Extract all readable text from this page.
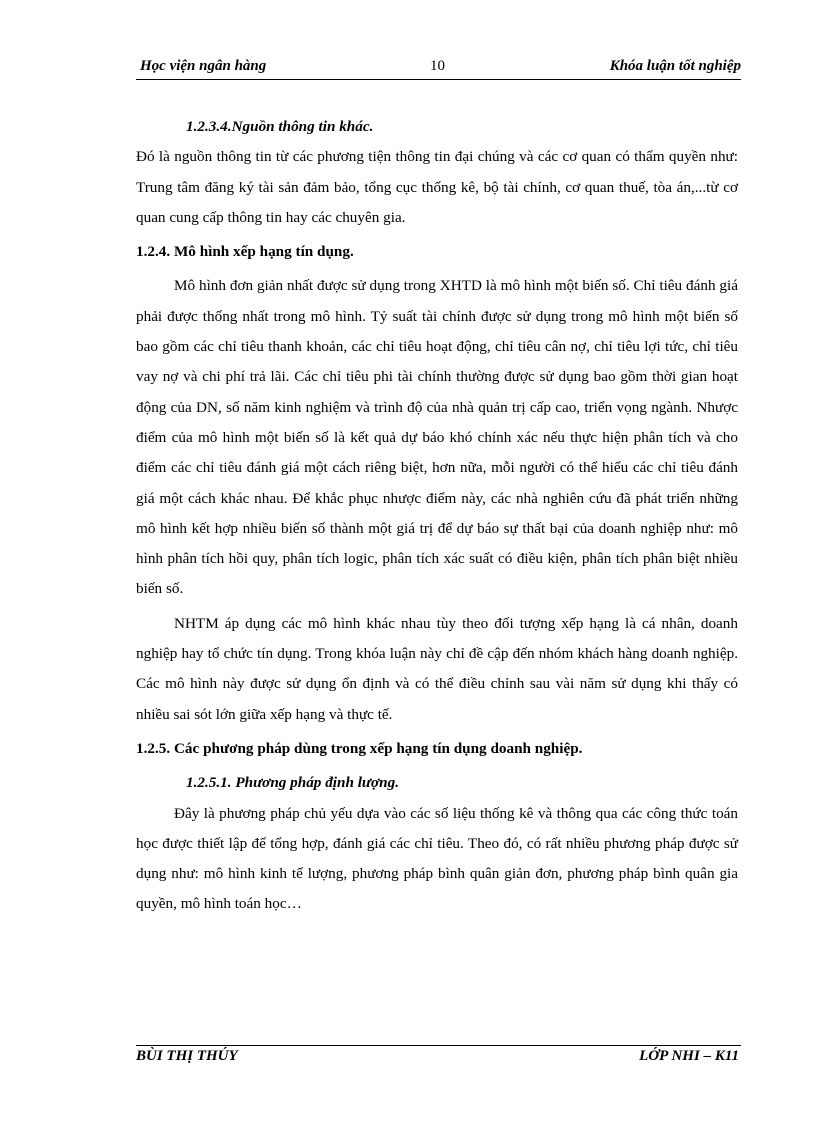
Học viện ngân hàng	10	Khóa luận tốt nghiệp

1.2.3.4.Nguồn thông tin khác.

Đó là nguồn thông tin từ các phương tiện thông tin đại chúng và các cơ quan có thẩm quyền như: Trung tâm đăng ký tài sản đảm bảo, tổng cục thống kê, bộ tài chính, cơ quan thuế, tòa án,...từ cơ quan cung cấp thông tin hay các chuyên gia.

1.2.4. Mô hình xếp hạng tín dụng.

Mô hình đơn giản nhất được sử dụng trong XHTD là mô hình một biến số. Chỉ tiêu đánh giá phải được thống nhất trong mô hình. Tỷ suất tài chính được sử dụng trong mô hình một biến số bao gồm các chỉ tiêu thanh khoản, các chỉ tiêu hoạt động, chỉ tiêu cân nợ, chỉ tiêu lợi tức, chỉ tiêu vay nợ và chi phí trả lãi. Các chỉ tiêu phi tài chính thường được sử dụng bao gồm thời gian hoạt động của DN, số năm kinh nghiệm và trình độ của nhà quản trị cấp cao, triển vọng ngành. Nhược điểm của mô hình một biến số là kết quả dự báo khó chính xác nếu thực hiện phân tích và cho điểm các chỉ tiêu đánh giá một cách riêng biệt, hơn nữa, mỗi người có thể hiểu các chỉ tiêu đánh giá một cách khác nhau. Để khắc phục nhược điểm này, các nhà nghiên cứu đã phát triển những mô hình kết hợp nhiều biến số thành một giá trị để dự báo sự thất bại của doanh nghiệp như: mô hình phân tích hồi quy, phân tích logic, phân tích xác suất có điều kiện, phân tích phân biệt nhiều biến số.

NHTM áp dụng các mô hình khác nhau tùy theo đối tượng xếp hạng là cá nhân, doanh nghiệp hay tổ chức tín dụng. Trong khóa luận này chỉ đề cập đến nhóm khách hàng doanh nghiệp. Các mô hình này được sử dụng ổn định và có thể điều chỉnh sau vài năm sử dụng khi thấy có nhiều sai sót lớn giữa xếp hạng và thực tế.

1.2.5. Các phương pháp dùng trong xếp hạng tín dụng doanh nghiệp.

1.2.5.1. Phương pháp định lượng.

Đây là phương pháp chủ yếu dựa vào các số liệu thống kê và thông qua các công thức toán học được thiết lập để tổng hợp, đánh giá các chỉ tiêu. Theo đó, có rất nhiều phương pháp được sử dụng như: mô hình kinh tế lượng, phương pháp bình quân giản đơn, phương pháp bình quân gia quyền, mô hình toán học…

BÙI THỊ THÚY	LỚP NHI – K11
